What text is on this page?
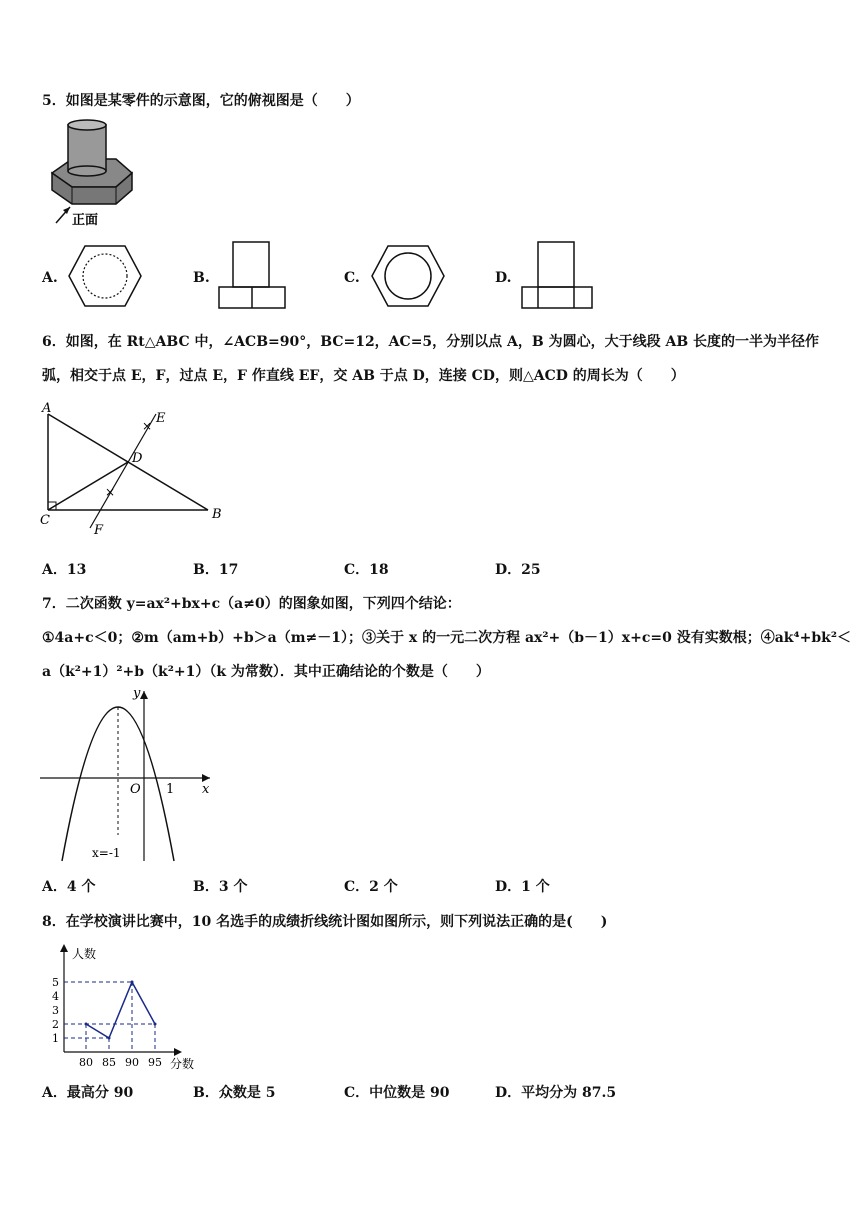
5．如图是某零件的示意图，它的俯视图是（　　）
正面
A.	B.	C.	D.
6．如图，在 Rt△ABC 中，∠ACB=90°，BC=12，AC=5，分别以点 A，B 为圆心，大于线段 AB 长度的一半为半径作
弧，相交于点 E，F，过点 E，F 作直线 EF，交 AB 于点 D，连接 CD，则△ACD 的周长为（　　）
×
×
A
C	B
D
E
F
A．13	B．17	C．18	D．25
7．二次函数 y=ax²+bx+c（a≠0）的图象如图，下列四个结论：
①4a+c＜0；②m（am+b）+b＞a（m≠－1）；③关于 x 的一元二次方程 ax²+（b－1）x+c=0 没有实数根；④ak⁴+bk²＜
a（k²+1）²+b（k²+1）（k 为常数）．其中正确结论的个数是（　　）
y
x
O 1
x=-1
A．4 个	B．3 个	C．2 个	D．1 个
8．在学校演讲比赛中，10 名选手的成绩折线统计图如图所示，则下列说法正确的是(　　)
人数
分数
1
2
3
4
5
80 85 90 95
A．最高分 90	B．众数是 5	C．中位数是 90	D．平均分为 87.5
